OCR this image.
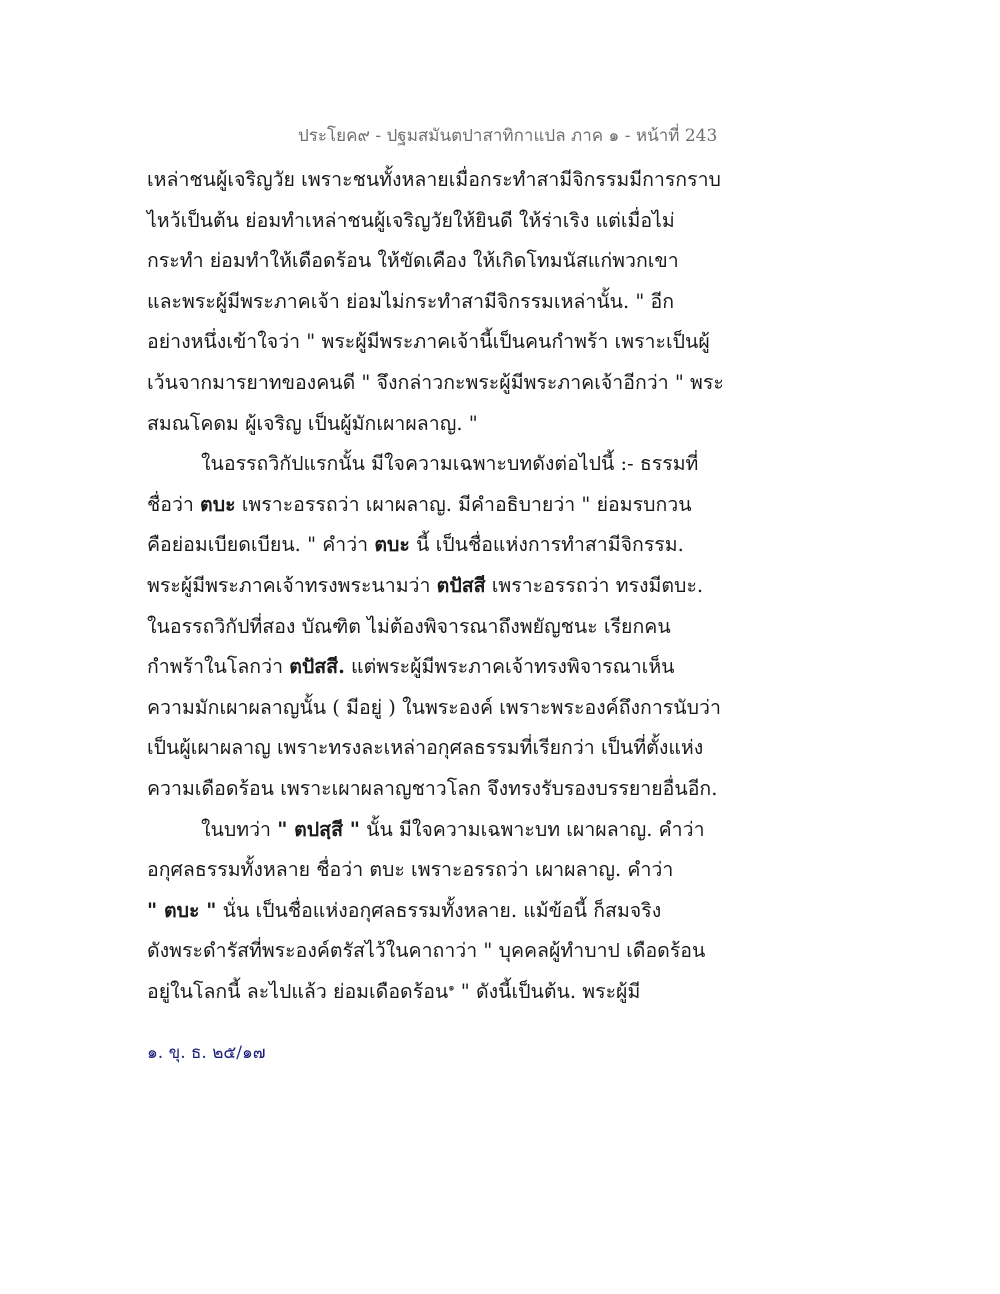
ประโยค๙ - ปฐมสมันตปาสาทิกาแปล ภาค ๑ - หน้าที่ 243
เหล่าชนผู้เจริญวัย เพราะชนทั้งหลายเมื่อกระทำสามีจิกรรมมีการกราบ
ไหว้เป็นต้น ย่อมทำเหล่าชนผู้เจริญวัยให้ยินดี ให้ร่าเริง แต่เมื่อไม่
กระทำ ย่อมทำให้เดือดร้อน ให้ขัดเคือง ให้เกิดโทมนัสแก่พวกเขา
และพระผู้มีพระภาคเจ้า ย่อมไม่กระทำสามีจิกรรมเหล่านั้น. " อีก
อย่างหนึ่งเข้าใจว่า " พระผู้มีพระภาคเจ้านี้เป็นคนกำพร้า เพราะเป็นผู้
เว้นจากมารยาทของคนดี " จึงกล่าวกะพระผู้มีพระภาคเจ้าอีกว่า " พระ
สมณโคดม ผู้เจริญ เป็นผู้มักเผาผลาญ. "
ในอรรถวิกัปแรกนั้น มีใจความเฉพาะบทดังต่อไปนี้ :- ธรรมที่
ชื่อว่า ตบะ เพราะอรรถว่า เผาผลาญ. มีคำอธิบายว่า " ย่อมรบกวน
คือย่อมเบียดเบียน. " คำว่า ตบะ นี้ เป็นชื่อแห่งการทำสามีจิกรรม.
พระผู้มีพระภาคเจ้าทรงพระนามว่า ตปัสสี เพราะอรรถว่า ทรงมีตบะ.
ในอรรถวิกัปที่สอง บัณฑิต ไม่ต้องพิจารณาถึงพยัญชนะ เรียกคน
กำพร้าในโลกว่า ตปัสสี. แต่พระผู้มีพระภาคเจ้าทรงพิจารณาเห็น
ความมักเผาผลาญนั้น ( มีอยู่ ) ในพระองค์ เพราะพระองค์ถึงการนับว่า
เป็นผู้เผาผลาญ เพราะทรงละเหล่าอกุศลธรรมที่เรียกว่า เป็นที่ตั้งแห่ง
ความเดือดร้อน เพราะเผาผลาญชาวโลก จึงทรงรับรองบรรยายอื่นอีก.
ในบทว่า " ตปสฺสี " นั้น มีใจความเฉพาะบท เผาผลาญ. คำว่า
อกุศลธรรมทั้งหลาย ชื่อว่า ตบะ เพราะอรรถว่า เผาผลาญ. คำว่า
" ตบะ " นั่น เป็นชื่อแห่งอกุศลธรรมทั้งหลาย. แม้ข้อนี้ ก็สมจริง
ดังพระดำรัสที่พระองค์ตรัสไว้ในคาถาว่า " บุคคลผู้ทำบาป เดือดร้อน
อยู่ในโลกนี้ ละไปแล้ว ย่อมเดือดร้อน$^๑$ " ดังนี้เป็นต้น. พระผู้มี
๑. ขุ. ธ. ๒๕/๑๗
